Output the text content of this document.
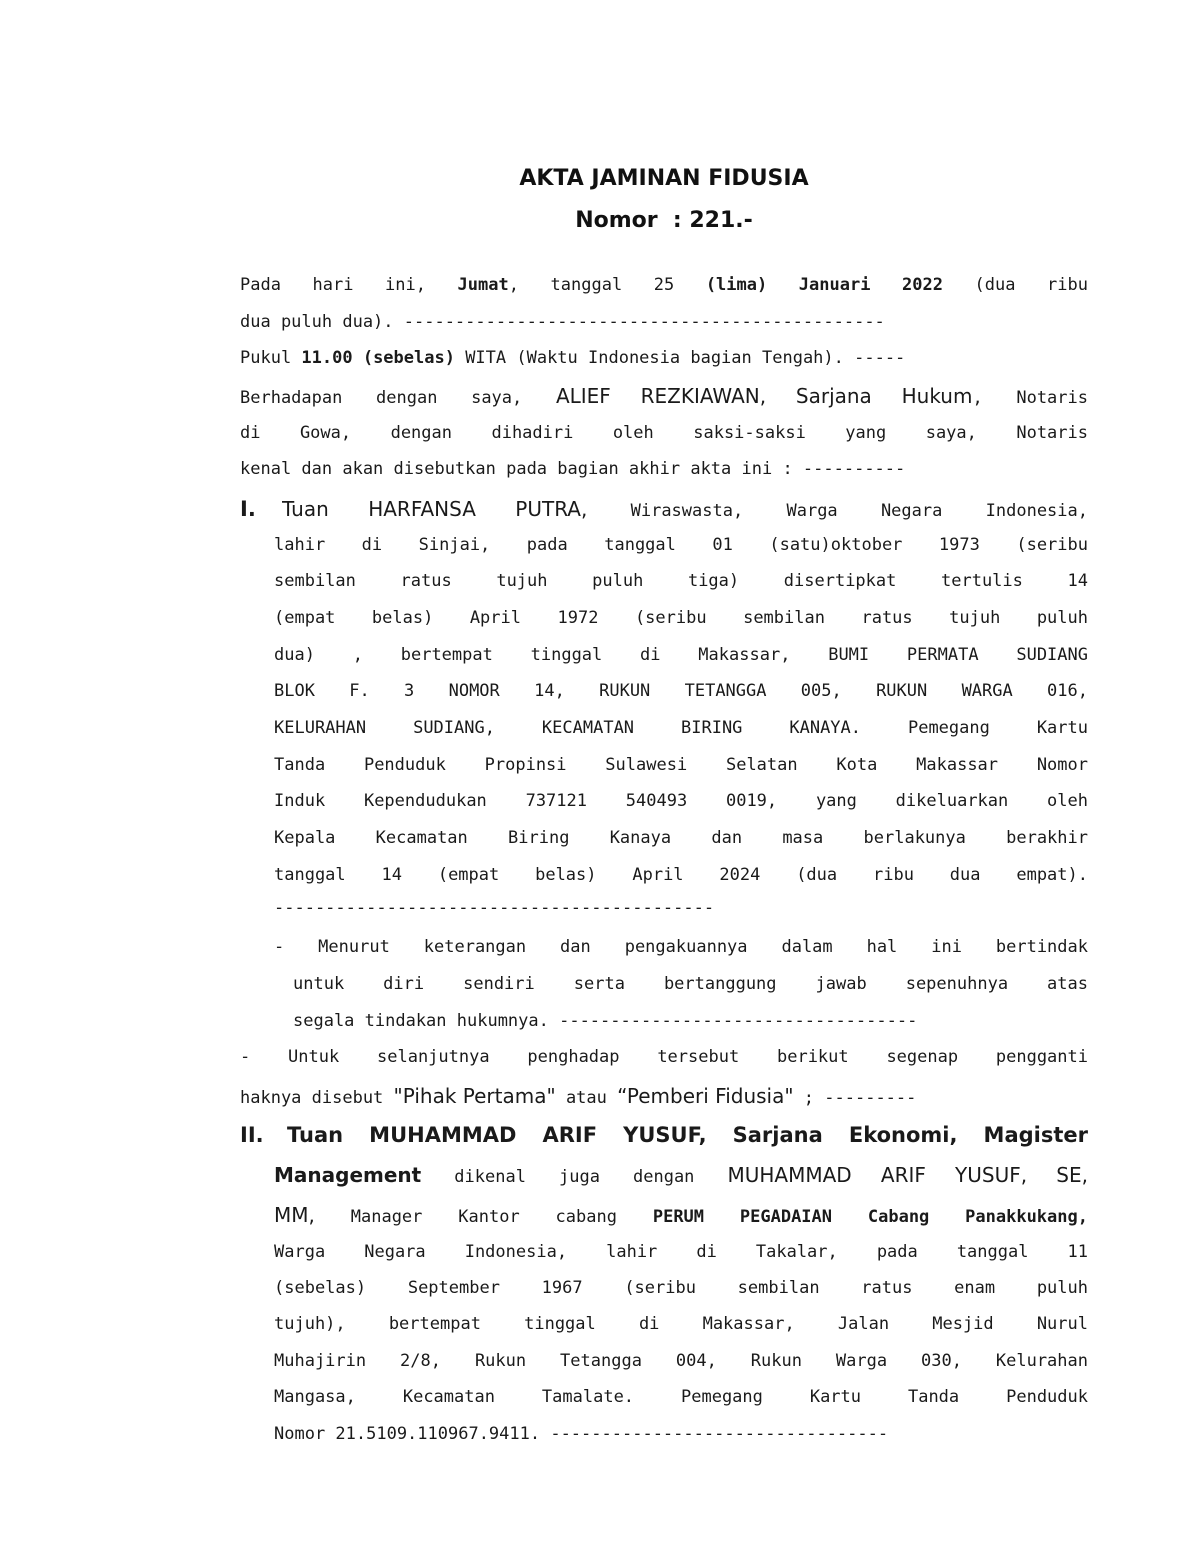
AKTA JAMINAN FIDUSIA
Nomor  : 221.-
Pada hari ini, Jumat, tanggal 25 (lima) Januari 2022 (dua ribu
dua puluh dua). -----------------------------------------------
Pukul 11.00 (sebelas) WITA (Waktu Indonesia bagian Tengah). -----
Berhadapan dengan saya, ALIEF REZKIAWAN, Sarjana Hukum, Notaris
di Gowa, dengan dihadiri oleh saksi-saksi yang saya, Notaris
kenal dan akan disebutkan pada bagian akhir akta ini : ----------
I. Tuan HARFANSA PUTRA, Wiraswasta, Warga Negara Indonesia,
lahir di Sinjai, pada tanggal 01 (satu)oktober 1973 (seribu
sembilan ratus tujuh puluh tiga) disertipkat tertulis 14
(empat belas) April 1972 (seribu sembilan ratus tujuh puluh
dua) , bertempat tinggal di Makassar, BUMI PERMATA SUDIANG
BLOK F. 3 NOMOR 14, RUKUN TETANGGA 005, RUKUN WARGA 016,
KELURAHAN SUDIANG, KECAMATAN BIRING KANAYA. Pemegang Kartu
Tanda Penduduk Propinsi Sulawesi Selatan Kota Makassar Nomor
Induk Kependudukan 737121 540493 0019, yang dikeluarkan oleh
Kepala Kecamatan Biring Kanaya dan masa berlakunya berakhir
tanggal 14 (empat belas) April 2024 (dua ribu dua empat).
-------------------------------------------
- Menurut keterangan dan pengakuannya dalam hal ini bertindak
untuk diri sendiri serta bertanggung jawab sepenuhnya atas
segala tindakan hukumnya. -----------------------------------
- Untuk selanjutnya penghadap tersebut berikut segenap pengganti
haknya disebut "Pihak Pertama" atau “Pemberi Fidusia" ; ---------
II. Tuan MUHAMMAD ARIF YUSUF, Sarjana Ekonomi, Magister
Management dikenal juga dengan MUHAMMAD ARIF YUSUF, SE,
MM, Manager Kantor cabang PERUM PEGADAIAN Cabang Panakkukang,
Warga Negara Indonesia, lahir di Takalar, pada tanggal 11
(sebelas) September 1967 (seribu sembilan ratus enam puluh
tujuh), bertempat tinggal di Makassar, Jalan Mesjid Nurul
Muhajirin 2/8, Rukun Tetangga 004, Rukun Warga 030, Kelurahan
Mangasa, Kecamatan Tamalate. Pemegang Kartu Tanda Penduduk
Nomor 21.5109.110967.9411. ---------------------------------
